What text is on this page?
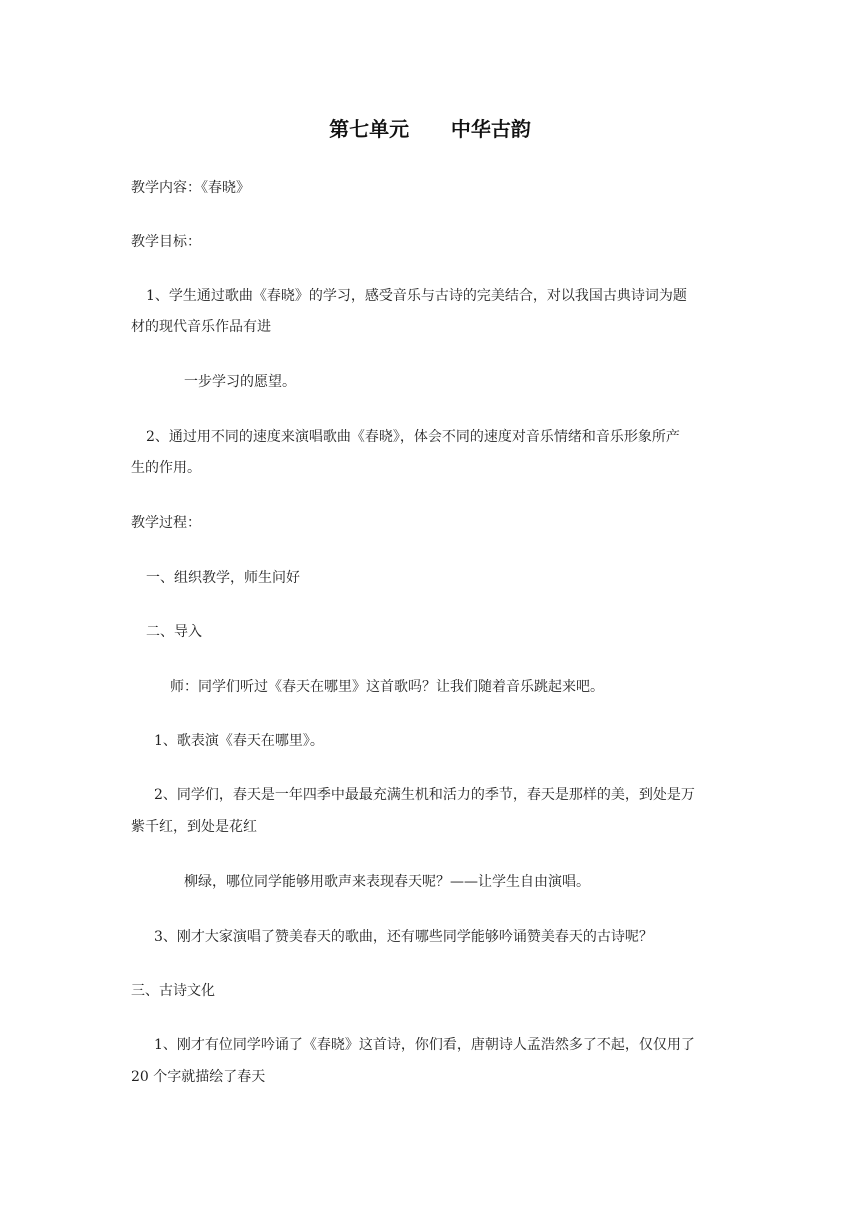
第七单元      中华古韵
教学内容：《春晓》
教学目标：
1、学生通过歌曲《春晓》的学习，感受音乐与古诗的完美结合，对以我国古典诗词为题
材的现代音乐作品有进
一步学习的愿望。
2、通过用不同的速度来演唱歌曲《春晓》，体会不同的速度对音乐情绪和音乐形象所产
生的作用。
教学过程：
一、组织教学，师生问好
二、导入
师：同学们听过《春天在哪里》这首歌吗？让我们随着音乐跳起来吧。
1、歌表演《春天在哪里》。
2、同学们，春天是一年四季中最最充满生机和活力的季节，春天是那样的美，到处是万
紫千红，到处是花红
柳绿，哪位同学能够用歌声来表现春天呢？——让学生自由演唱。
3、刚才大家演唱了赞美春天的歌曲，还有哪些同学能够吟诵赞美春天的古诗呢？
三、古诗文化
1、刚才有位同学吟诵了《春晓》这首诗，你们看，唐朝诗人孟浩然多了不起，仅仅用了
20 个字就描绘了春天
